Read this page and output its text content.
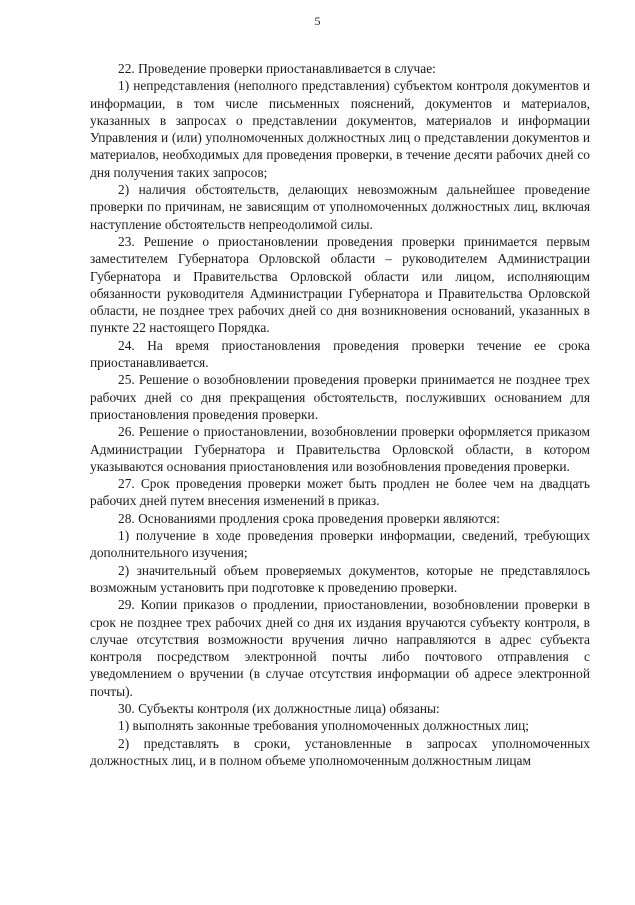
5

22. Проведение проверки приостанавливается в случае:

1) непредставления (неполного представления) субъектом контроля документов и информации, в том числе письменных пояснений, документов и материалов, указанных в запросах о представлении документов, материалов и информации Управления и (или) уполномоченных должностных лиц о представлении документов и материалов, необходимых для проведения проверки, в течение десяти рабочих дней со дня получения таких запросов;

2) наличия обстоятельств, делающих невозможным дальнейшее проведение проверки по причинам, не зависящим от уполномоченных должностных лиц, включая наступление обстоятельств непреодолимой силы.

23. Решение о приостановлении проведения проверки принимается первым заместителем Губернатора Орловской области – руководителем Администрации Губернатора и Правительства Орловской области или лицом, исполняющим обязанности руководителя Администрации Губернатора и Правительства Орловской области, не позднее трех рабочих дней со дня возникновения оснований, указанных в пункте 22 настоящего Порядка.

24. На время приостановления проведения проверки течение ее срока приостанавливается.

25. Решение о возобновлении проведения проверки принимается не позднее трех рабочих дней со дня прекращения обстоятельств, послуживших основанием для приостановления проведения проверки.

26. Решение о приостановлении, возобновлении проверки оформляется приказом Администрации Губернатора и Правительства Орловской области, в котором указываются основания приостановления или возобновления проведения проверки.

27. Срок проведения проверки может быть продлен не более чем на двадцать рабочих дней путем внесения изменений в приказ.

28. Основаниями продления срока проведения проверки являются:

1) получение в ходе проведения проверки информации, сведений, требующих дополнительного изучения;

2) значительный объем проверяемых документов, которые не представлялось возможным установить при подготовке к проведению проверки.

29. Копии приказов о продлении, приостановлении, возобновлении проверки в срок не позднее трех рабочих дней со дня их издания вручаются субъекту контроля, в случае отсутствия возможности вручения лично направляются в адрес субъекта контроля посредством электронной почты либо почтового отправления с уведомлением о вручении (в случае отсутствия информации об адресе электронной почты).

30. Субъекты контроля (их должностные лица) обязаны:

1) выполнять законные требования уполномоченных должностных лиц;

2) представлять в сроки, установленные в запросах уполномоченных должностных лиц, и в полном объеме уполномоченным должностным лицам
